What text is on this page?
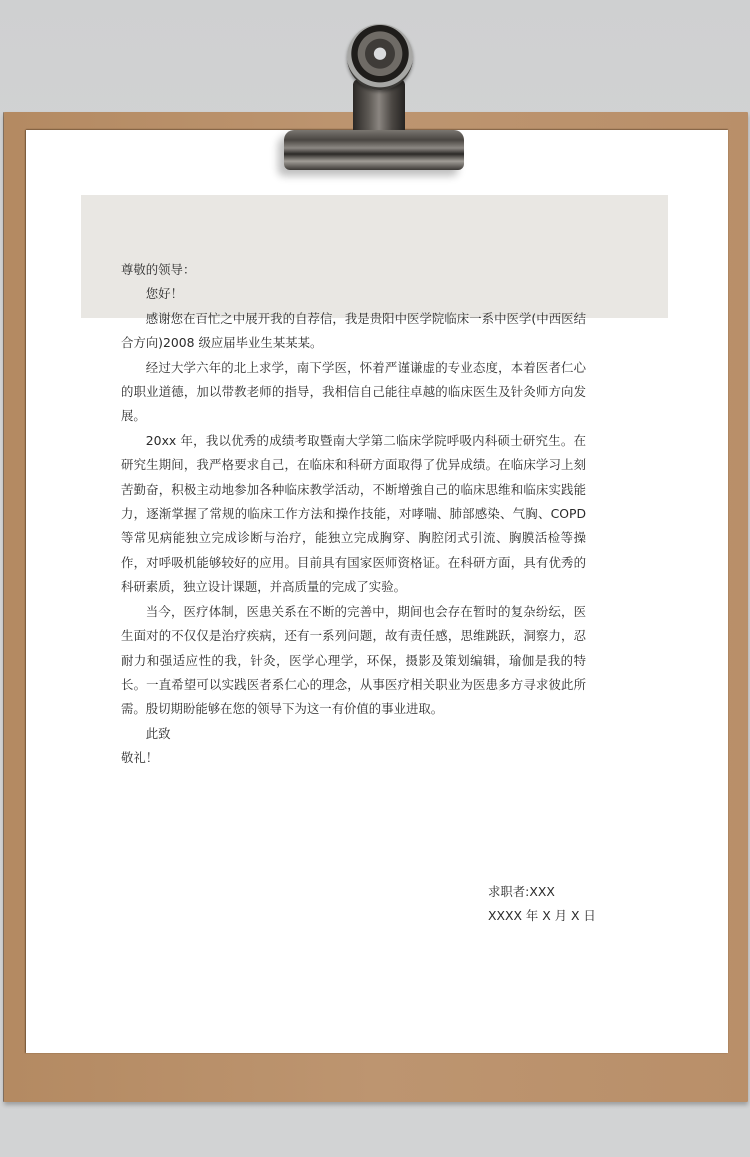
尊敬的领导：

您好！

感谢您在百忙之中展开我的自荐信，我是贵阳中医学院临床一系中医学(中西医结合方向)2008 级应届毕业生某某某。

经过大学六年的北上求学，南下学医，怀着严谨谦虚的专业态度，本着医者仁心的职业道德，加以带教老师的指导，我相信自己能往卓越的临床医生及针灸师方向发展。

20xx 年，我以优秀的成绩考取暨南大学第二临床学院呼吸内科硕士研究生。在研究生期间，我严格要求自己，在临床和科研方面取得了优异成绩。在临床学习上刻苦勤奋，积极主动地参加各种临床教学活动，不断增強自己的临床思维和临床实践能力，逐渐掌握了常规的临床工作方法和操作技能，对哮喘、肺部感染、气胸、COPD 等常见病能独立完成诊断与治疗，能独立完成胸穿、胸腔闭式引流、胸膜活检等操作，对呼吸机能够较好的应用。目前具有国家医师资格证。在科研方面，具有优秀的科研素质，独立设计课题，并高质量的完成了实验。

当今，医疗体制，医患关系在不断的完善中，期间也会存在暂时的复杂纷纭，医生面对的不仅仅是治疗疾病，还有一系列问题，故有责任感，思维跳跃，洞察力，忍耐力和强适应性的我，针灸，医学心理学，环保，摄影及策划编辑，瑜伽是我的特长。一直希望可以实践医者系仁心的理念，从事医疗相关职业为医患多方寻求彼此所需。殷切期盼能够在您的领导下为这一有价值的事业进取。

此致

敬礼！

求职者:XXX
XXXX 年 X 月 X 日
